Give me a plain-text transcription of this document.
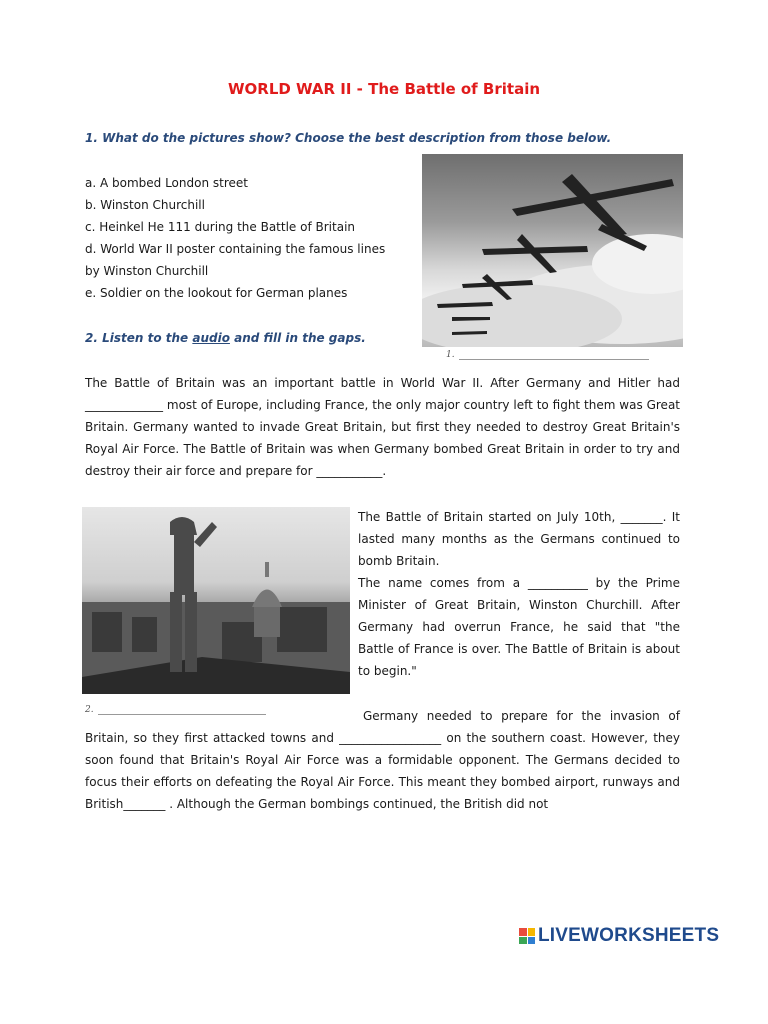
WORLD WAR II - The Battle of Britain

1. What do the pictures show? Choose the best description from those below.

a. A bombed London street
b. Winston Churchill
c. Heinkel He 111 during the Battle of Britain
d. World War II poster containing the famous lines
by Winston Churchill
e. Soldier on the lookout for German planes
1.

2. Listen to the audio and fill in the gaps.

The Battle of Britain was an important battle in World War II. After Germany and Hitler had _____________ most of Europe, including France, the only major country left to fight them was Great Britain. Germany wanted to invade Great Britain, but first they needed to destroy Great Britain's Royal Air Force. The Battle of Britain was when Germany bombed Great Britain in order to try and destroy their air force and prepare for ___________.

The Battle of Britain started on July 10th, _______. It lasted many months as the Germans continued to bomb Britain.

The name comes from a __________ by the Prime Minister of Great Britain, Winston Churchill. After Germany had overrun France, he said that "the Battle of France is over. The Battle of Britain is about to begin."

2.	Germany needed to prepare for the invasion of Britain, so they first attacked towns and _________________ on the southern coast. However, they soon found that Britain's Royal Air Force was a formidable opponent. The Germans decided to focus their efforts on defeating the Royal Air Force. This meant they bombed airport, runways and British_______ . Although the German bombings continued, the British did not

LIVEWORKSHEETS
